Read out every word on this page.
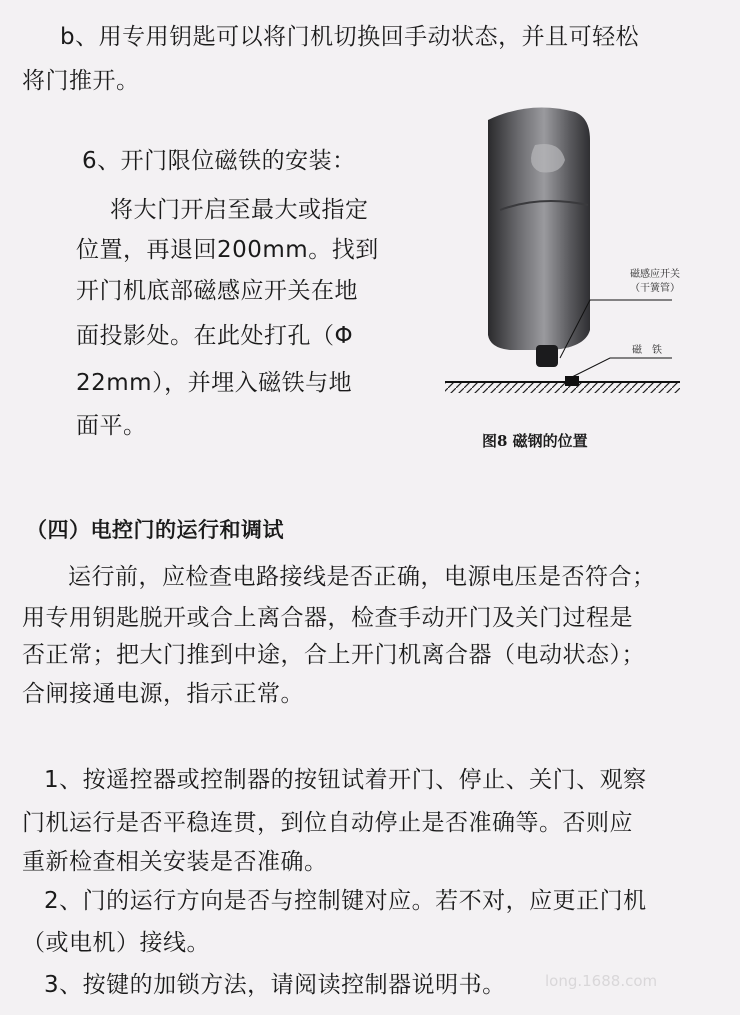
b、用专用钥匙可以将门机切换回手动状态，并且可轻松
将门推开。
6、开门限位磁铁的安装：
将大门开启至最大或指定
位置，再退回200mm。找到
开门机底部磁感应开关在地
面投影处。在此处打孔（Φ
22mm），并埋入磁铁与地
面平。
磁感应开关
（干簧管）
磁　铁
图8 磁钢的位置
（四）电控门的运行和调试
运行前，应检查电路接线是否正确，电源电压是否符合；
用专用钥匙脱开或合上离合器，检查手动开门及关门过程是
否正常；把大门推到中途，合上开门机离合器（电动状态）；
合闸接通电源，指示正常。
1、按遥控器或控制器的按钮试着开门、停止、关门、观察
门机运行是否平稳连贯，到位自动停止是否准确等。否则应
重新检查相关安装是否准确。
2、门的运行方向是否与控制键对应。若不对，应更正门机
（或电机）接线。
3、按键的加锁方法，请阅读控制器说明书。	long.1688.com
